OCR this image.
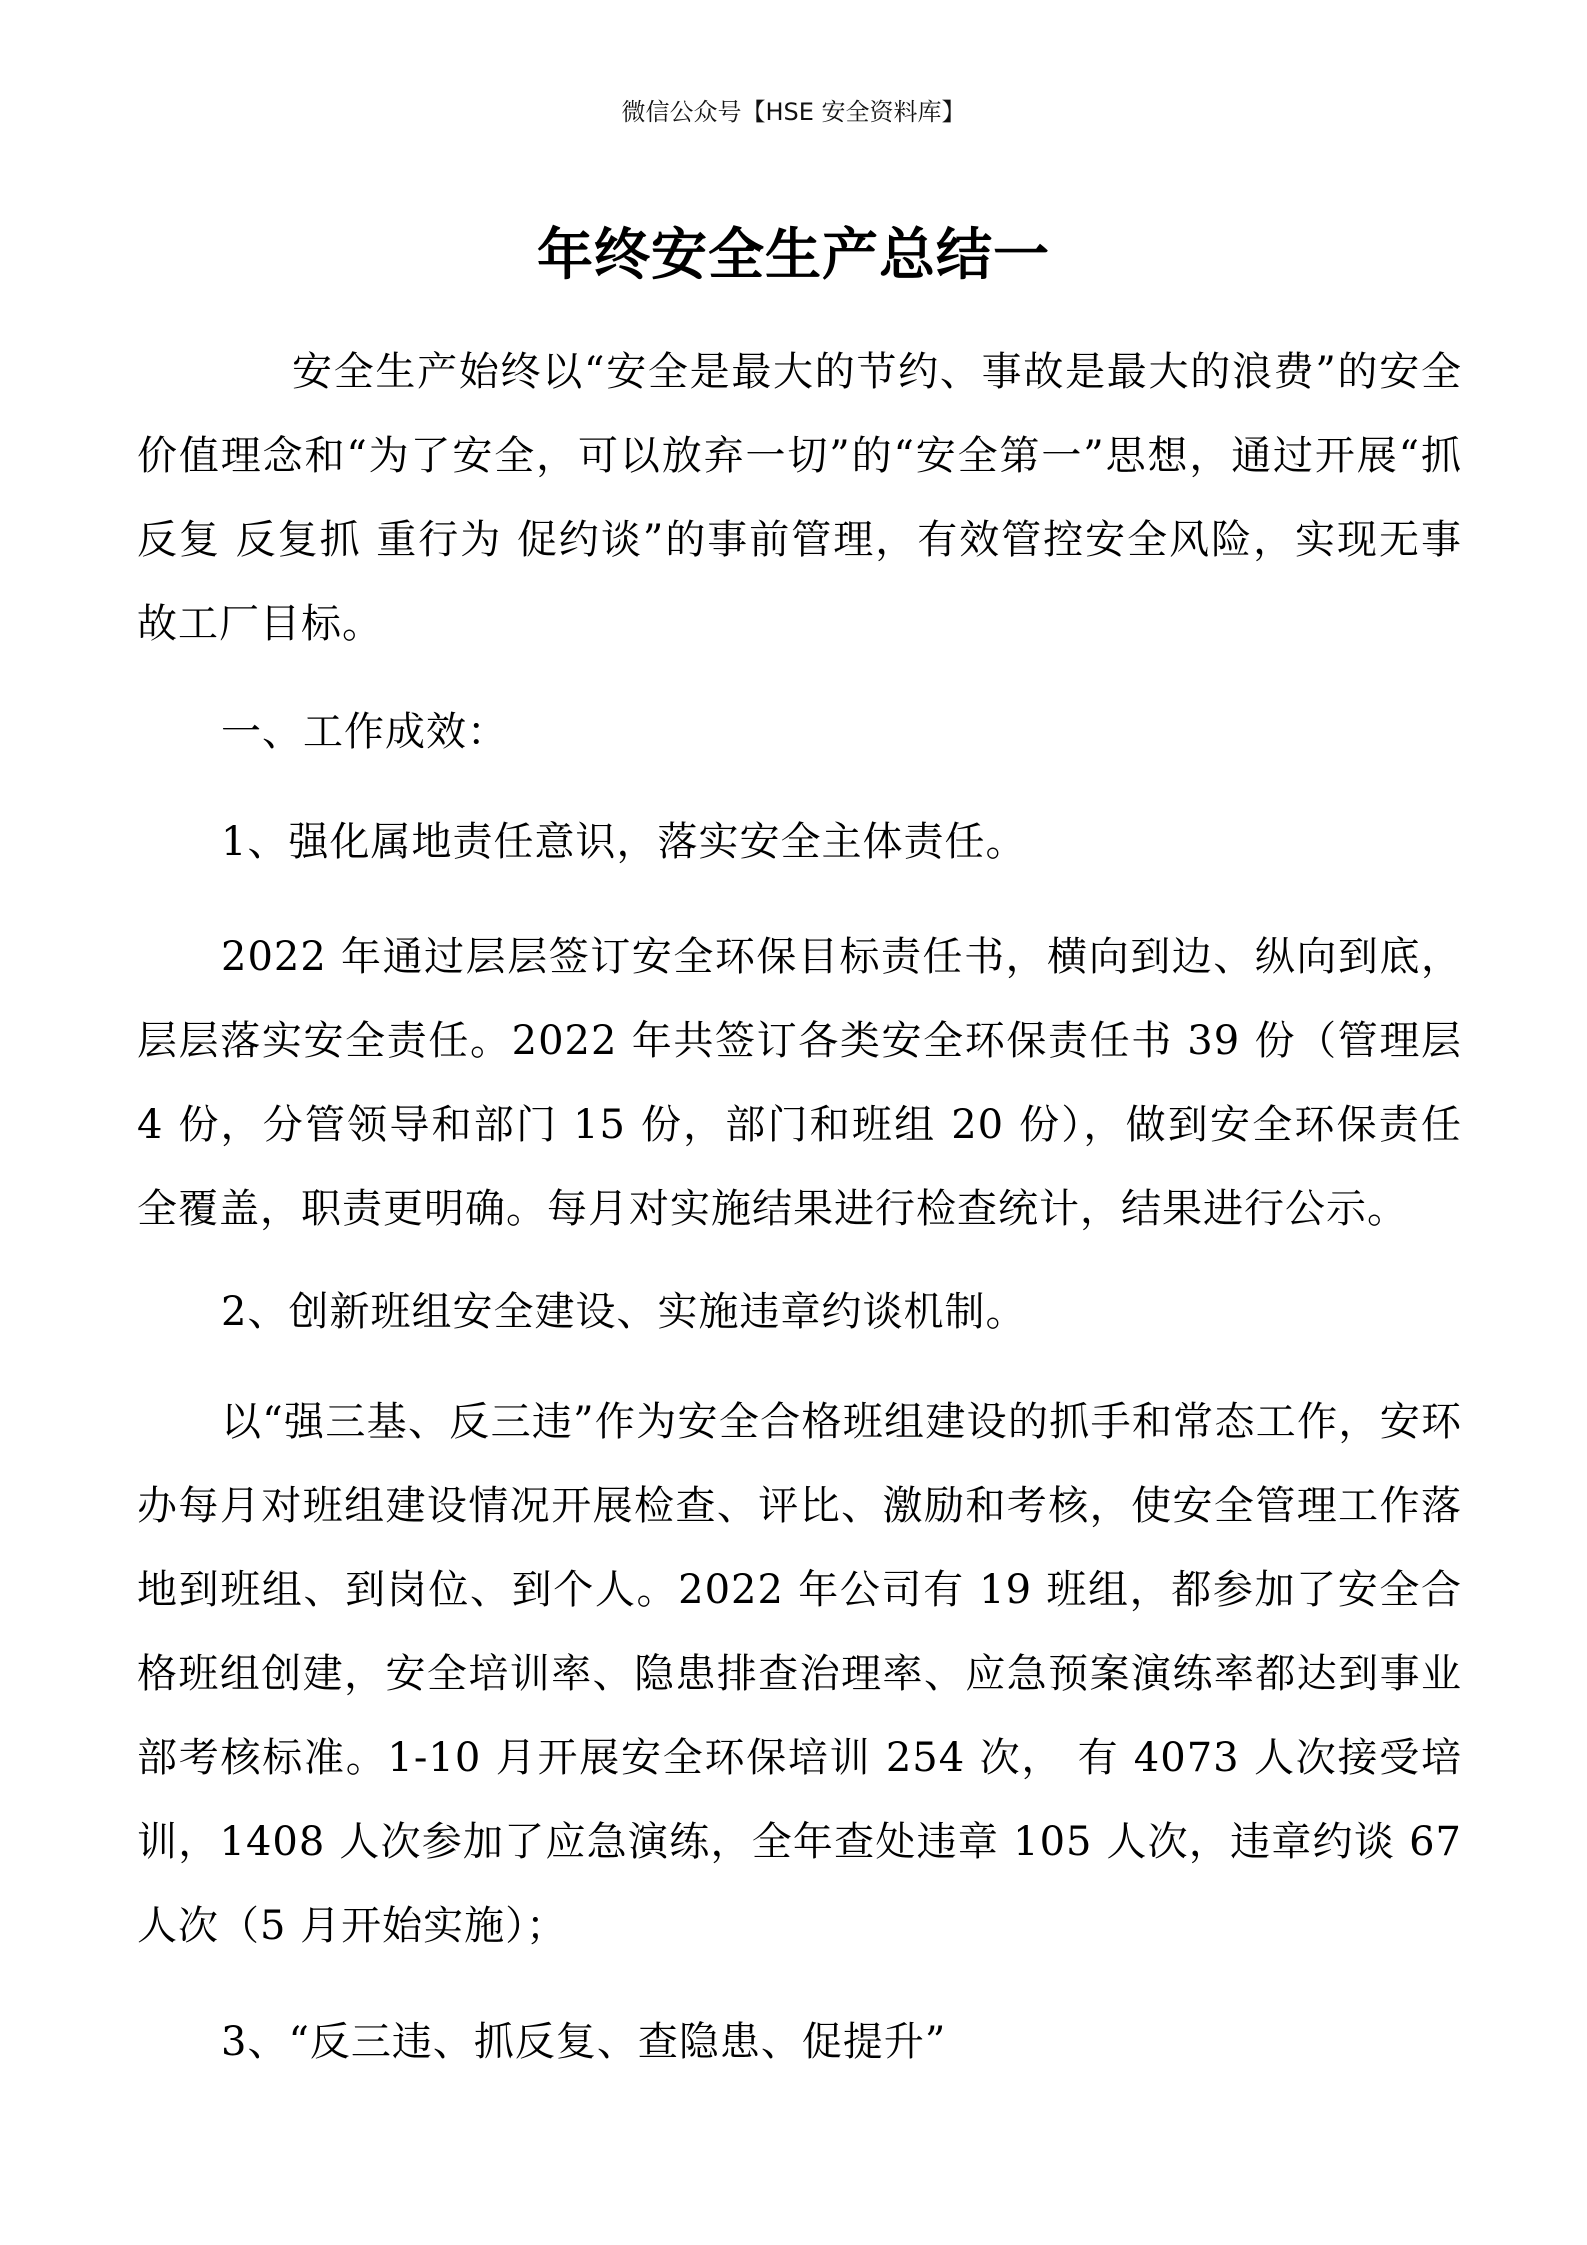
微信公众号【HSE 安全资料库】
年终安全生产总结一

安全生产始终以“安全是最大的节约、事故是最大的浪费”的安全价值理念和“为了安全，可以放弃一切”的“安全第一”思想，通过开展“抓反复 反复抓 重行为 促约谈”的事前管理，有效管控安全风险，实现无事故工厂目标。

一、工作成效：

1、强化属地责任意识，落实安全主体责任。

2022 年通过层层签订安全环保目标责任书，横向到边、纵向到底，层层落实安全责任。2022 年共签订各类安全环保责任书 39 份（管理层 4 份，分管领导和部门 15 份，部门和班组 20 份），做到安全环保责任全覆盖，职责更明确。每月对实施结果进行检查统计，结果进行公示。

2、创新班组安全建设、实施违章约谈机制。

以“强三基、反三违”作为安全合格班组建设的抓手和常态工作，安环办每月对班组建设情况开展检查、评比、激励和考核，使安全管理工作落地到班组、到岗位、到个人。2022 年公司有 19 班组，都参加了安全合格班组创建，安全培训率、隐患排查治理率、应急预案演练率都达到事业部考核标准。1-10 月开展安全环保培训 254 次， 有 4073 人次接受培训，1408 人次参加了应急演练，全年查处违章 105 人次，违章约谈 67 人次（5 月开始实施）；

3、“反三违、抓反复、查隐患、促提升”
